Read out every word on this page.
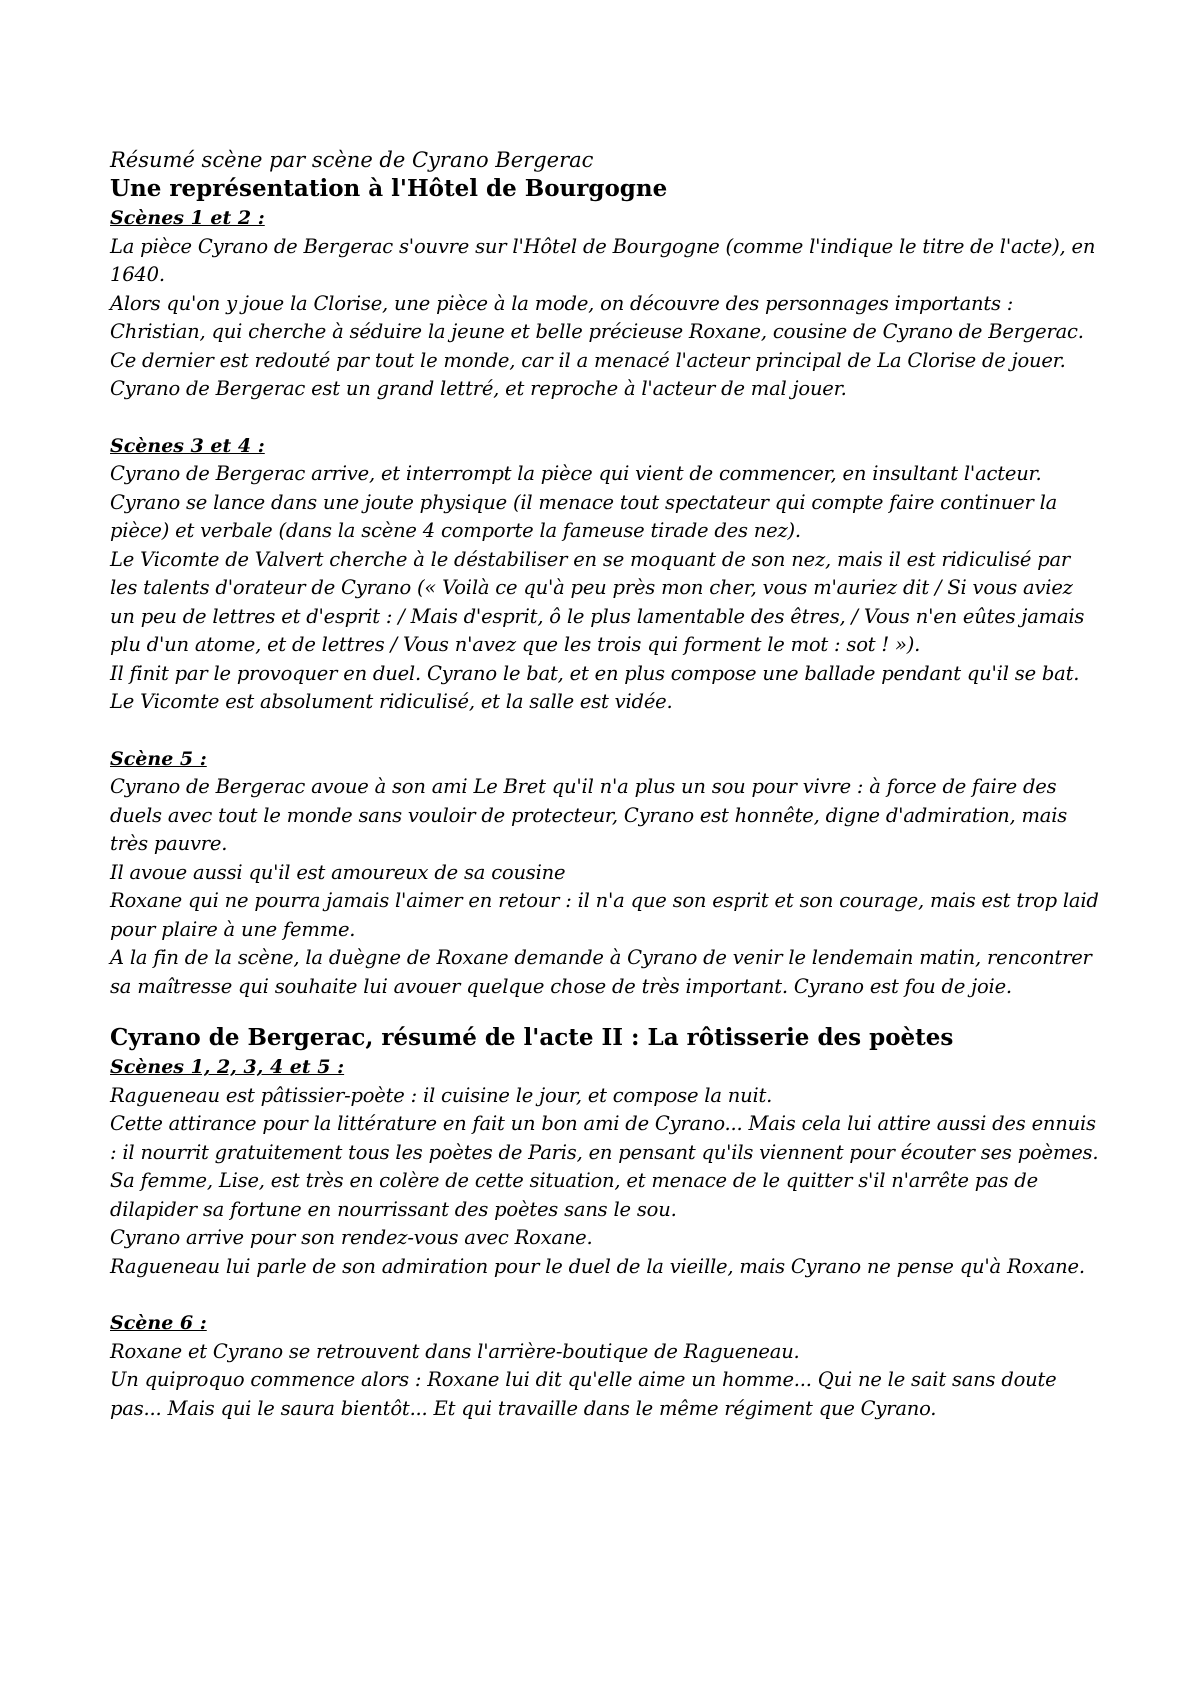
Résumé scène par scène de Cyrano Bergerac
Une représentation à l'Hôtel de Bourgogne
Scènes 1 et 2 :

La pièce Cyrano de Bergerac s'ouvre sur l'Hôtel de Bourgogne (comme l'indique le titre de l'acte), en 1640.

Alors qu'on y joue la Clorise, une pièce à la mode, on découvre des personnages importants : Christian, qui cherche à séduire la jeune et belle précieuse Roxane, cousine de Cyrano de Bergerac.

Ce dernier est redouté par tout le monde, car il a menacé l'acteur principal de La Clorise de jouer.

Cyrano de Bergerac est un grand lettré, et reproche à l'acteur de mal jouer.

Scènes 3 et 4 :

Cyrano de Bergerac arrive, et interrompt la pièce qui vient de commencer, en insultant l'acteur.

Cyrano se lance dans une joute physique (il menace tout spectateur qui compte faire continuer la pièce) et verbale (dans la scène 4 comporte la fameuse tirade des nez).

Le Vicomte de Valvert cherche à le déstabiliser en se moquant de son nez, mais il est ridiculisé par les talents d'orateur de Cyrano (« Voilà ce qu'à peu près mon cher, vous m'auriez dit / Si vous aviez un peu de lettres et d'esprit : / Mais d'esprit, ô le plus lamentable des êtres, / Vous n'en eûtes jamais plu d'un atome, et de lettres / Vous n'avez que les trois qui forment le mot : sot ! »).

Il finit par le provoquer en duel. Cyrano le bat, et en plus compose une ballade pendant qu'il se bat.

Le Vicomte est absolument ridiculisé, et la salle est vidée.

Scène 5 :

Cyrano de Bergerac avoue à son ami Le Bret qu'il n'a plus un sou pour vivre : à force de faire des duels avec tout le monde sans vouloir de protecteur, Cyrano est honnête, digne d'admiration, mais très pauvre.

Il avoue aussi qu'il est amoureux de sa cousine

Roxane qui ne pourra jamais l'aimer en retour : il n'a que son esprit et son courage, mais est trop laid pour plaire à une femme.

A la fin de la scène, la duègne de Roxane demande à Cyrano de venir le lendemain matin, rencontrer sa maîtresse qui souhaite lui avouer quelque chose de très important. Cyrano est fou de joie.

Cyrano de Bergerac, résumé de l'acte II : La rôtisserie des poètes
Scènes 1, 2, 3, 4 et 5 :

Ragueneau est pâtissier-poète : il cuisine le jour, et compose la nuit.

Cette attirance pour la littérature en fait un bon ami de Cyrano... Mais cela lui attire aussi des ennuis : il nourrit gratuitement tous les poètes de Paris, en pensant qu'ils viennent pour écouter ses poèmes.

Sa femme, Lise, est très en colère de cette situation, et menace de le quitter s'il n'arrête pas de dilapider sa fortune en nourrissant des poètes sans le sou.

Cyrano arrive pour son rendez-vous avec Roxane.

Ragueneau lui parle de son admiration pour le duel de la vieille, mais Cyrano ne pense qu'à Roxane.

Scène 6 :

Roxane et Cyrano se retrouvent dans l'arrière-boutique de Ragueneau.

Un quiproquo commence alors : Roxane lui dit qu'elle aime un homme... Qui ne le sait sans doute pas... Mais qui le saura bientôt... Et qui travaille dans le même régiment que Cyrano.
